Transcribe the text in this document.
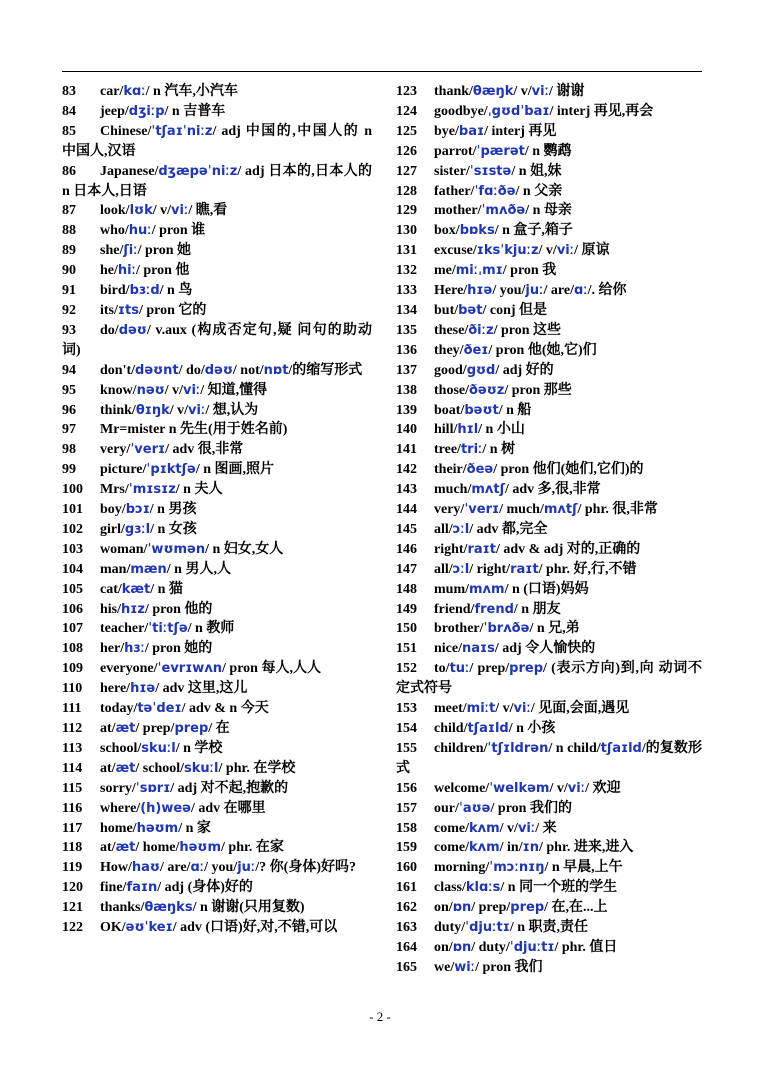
83 car/kɑː/ n 汽车,小汽车
84 jeep/dʒiːp/ n 吉普车
85 Chinese/ˈtʃaɪˈniːz/ adj 中国的,中国人的 n 中国人,汉语
86 Japanese/dʒæpəˈniːz/ adj 日本的,日本人的 n 日本人,日语
87 look/lʊk/ v/viː/ 瞧,看
88 who/huː/ pron 谁
89 she/ʃiː/ pron 她
90 he/hiː/ pron 他
91 bird/bɜːd/ n 鸟
92 its/ɪts/ pron 它的
93 do/dəʊ/ v.aux (构成否定句,疑 问句的助动词)
94 don't/dəʊnt/ do/dəʊ/ not/nɒt/的缩写形式
95 know/nəʊ/ v/viː/ 知道,懂得
96 think/θɪŋk/ v/viː/ 想,认为
97 Mr=mister n 先生(用于姓名前)
98 very/ˈverɪ/ adv 很,非常
99 picture/ˈpɪktʃə/ n 图画,照片
100 Mrs/ˈmɪsɪz/ n 夫人
101 boy/bɔɪ/ n 男孩
102 girl/gɜːl/ n 女孩
103 woman/ˈwʊmən/ n 妇女,女人
104 man/mæn/ n 男人,人
105 cat/kæt/ n 猫
106 his/hɪz/ pron 他的
107 teacher/ˈtiːtʃə/ n 教师
108 her/hɜː/ pron 她的
109 everyone/ˈevrɪwʌn/ pron 每人,人人
110 here/hɪə/ adv 这里,这儿
111 today/təˈdeɪ/ adv & n 今天
112 at/æt/ prep/prep/ 在
113 school/skuːl/ n 学校
114 at/æt/ school/skuːl/ phr. 在学校
115 sorry/ˈsɒrɪ/ adj 对不起,抱歉的
116 where/(h)weə/ adv 在哪里
117 home/həʊm/ n 家
118 at/æt/ home/həʊm/ phr. 在家
119 How/haʊ/ are/ɑː/ you/juː/? 你(身体)好吗?
120 fine/faɪn/ adj (身体)好的
121 thanks/θæŋks/ n 谢谢(只用复数)
122 OK/əʊˈkeɪ/ adv (口语)好,对,不错,可以
123 thank/θæŋk/ v/viː/ 谢谢
124 goodbye/ˌgʊdˈbaɪ/ interj 再见,再会
125 bye/baɪ/ interj 再见
126 parrot/ˈpærət/ n 鹦鹉
127 sister/ˈsɪstə/ n 姐,妹
128 father/ˈfɑːðə/ n 父亲
129 mother/ˈmʌðə/ n 母亲
130 box/bɒks/ n 盒子,箱子
131 excuse/ɪksˈkjuːz/ v/viː/ 原谅
132 me/miːˌmɪ/ pron 我
133 Here/hɪə/ you/juː/ are/ɑː/. 给你
134 but/bət/ conj 但是
135 these/ðiːz/ pron 这些
136 they/ðeɪ/ pron 他(她,它)们
137 good/gʊd/ adj 好的
138 those/ðəʊz/ pron 那些
139 boat/bəʊt/ n 船
140 hill/hɪl/ n 小山
141 tree/triː/ n 树
142 their/ðeə/ pron 他们(她们,它们)的
143 much/mʌtʃ/ adv 多,很,非常
144 very/ˈverɪ/ much/mʌtʃ/ phr. 很,非常
145 all/ɔːl/ adv 都,完全
146 right/raɪt/ adv & adj 对的,正确的
147 all/ɔːl/ right/raɪt/ phr. 好,行,不错
148 mum/mʌm/ n (口语)妈妈
149 friend/frend/ n 朋友
150 brother/ˈbrʌðə/ n 兄,弟
151 nice/naɪs/ adj 令人愉快的
152 to/tuː/ prep/prep/ (表示方向)到,向 动词不定式符号
153 meet/miːt/ v/viː/ 见面,会面,遇见
154 child/tʃaɪld/ n 小孩
155 children/ˈtʃɪldrən/ n child/tʃaɪld/的复数形式
156 welcome/ˈwelkəm/ v/viː/ 欢迎
157 our/ˈaʊə/ pron 我们的
158 come/kʌm/ v/viː/ 来
159 come/kʌm/ in/ɪn/ phr. 进来,进入
160 morning/ˈmɔːnɪŋ/ n 早晨,上午
161 class/klɑːs/ n 同一个班的学生
162 on/ɒn/ prep/prep/ 在,在...上
163 duty/ˈdjuːtɪ/ n 职责,责任
164 on/ɒn/ duty/ˈdjuːtɪ/ phr. 值日
165 we/wiː/ pron 我们
- 2 -
